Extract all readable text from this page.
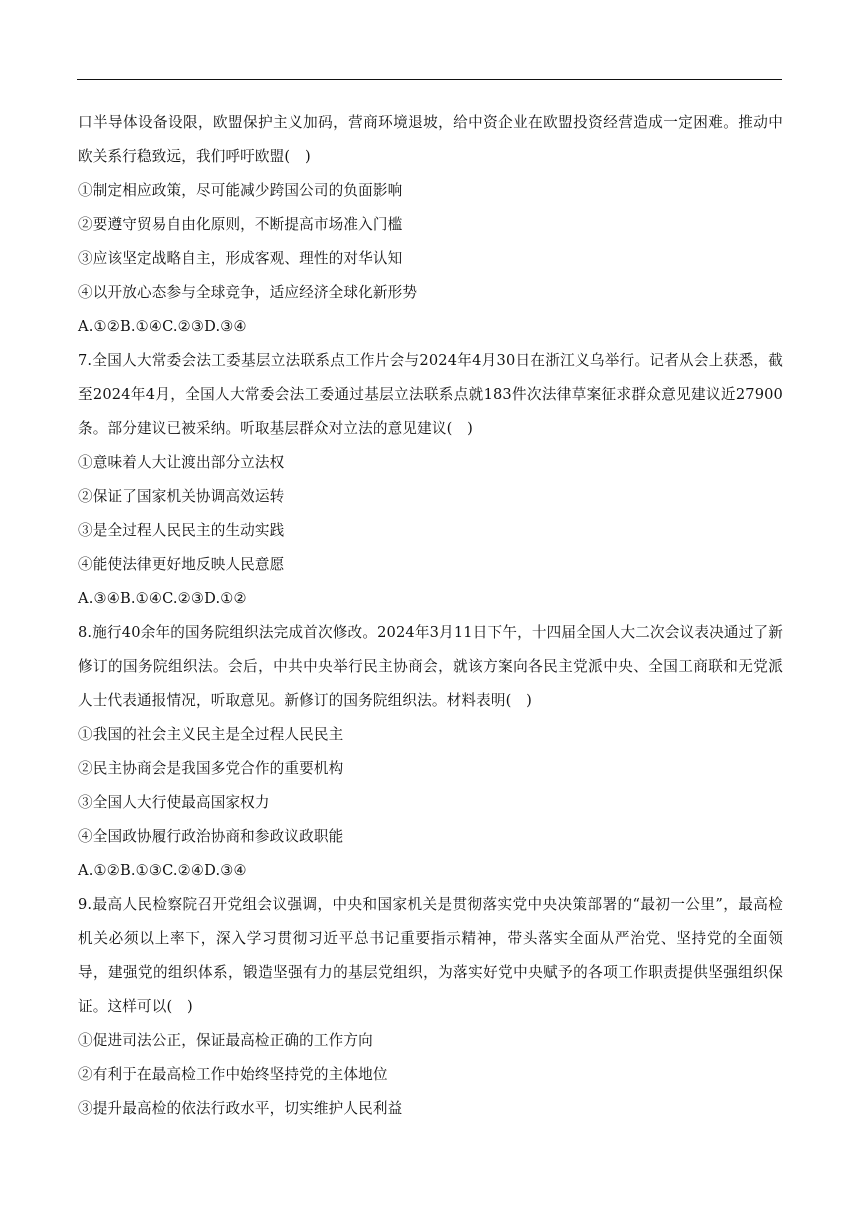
口半导体设备设限，欧盟保护主义加码，营商环境退坡，给中资企业在欧盟投资经营造成一定困难。推动中欧关系行稳致远，我们呼吁欧盟(　)

①制定相应政策，尽可能减少跨国公司的负面影响

②要遵守贸易自由化原则，不断提高市场准入门槛

③应该坚定战略自主，形成客观、理性的对华认知

④以开放心态参与全球竞争，适应经济全球化新形势

A.①②B.①④C.②③D.③④

7.全国人大常委会法工委基层立法联系点工作片会与2024年4月30日在浙江义乌举行。记者从会上获悉，截至2024年4月，全国人大常委会法工委通过基层立法联系点就183件次法律草案征求群众意见建议近27900条。部分建议已被采纳。听取基层群众对立法的意见建议(　)

①意味着人大让渡出部分立法权

②保证了国家机关协调高效运转

③是全过程人民民主的生动实践

④能使法律更好地反映人民意愿

A.③④B.①④C.②③D.①②

8.施行40余年的国务院组织法完成首次修改。2024年3月11日下午，十四届全国人大二次会议表决通过了新修订的国务院组织法。会后，中共中央举行民主协商会，就该方案向各民主党派中央、全国工商联和无党派人士代表通报情况，听取意见。新修订的国务院组织法。材料表明(　)

①我国的社会主义民主是全过程人民民主

②民主协商会是我国多党合作的重要机构

③全国人大行使最高国家权力

④全国政协履行政治协商和参政议政职能

A.①②B.①③C.②④D.③④

9.最高人民检察院召开党组会议强调，中央和国家机关是贯彻落实党中央决策部署的“最初一公里”，最高检机关必须以上率下，深入学习贯彻习近平总书记重要指示精神，带头落实全面从严治党、坚持党的全面领导，建强党的组织体系，锻造坚强有力的基层党组织，为落实好党中央赋予的各项工作职责提供坚强组织保证。这样可以(　)

①促进司法公正，保证最高检正确的工作方向

②有利于在最高检工作中始终坚持党的主体地位

③提升最高检的依法行政水平，切实维护人民利益
